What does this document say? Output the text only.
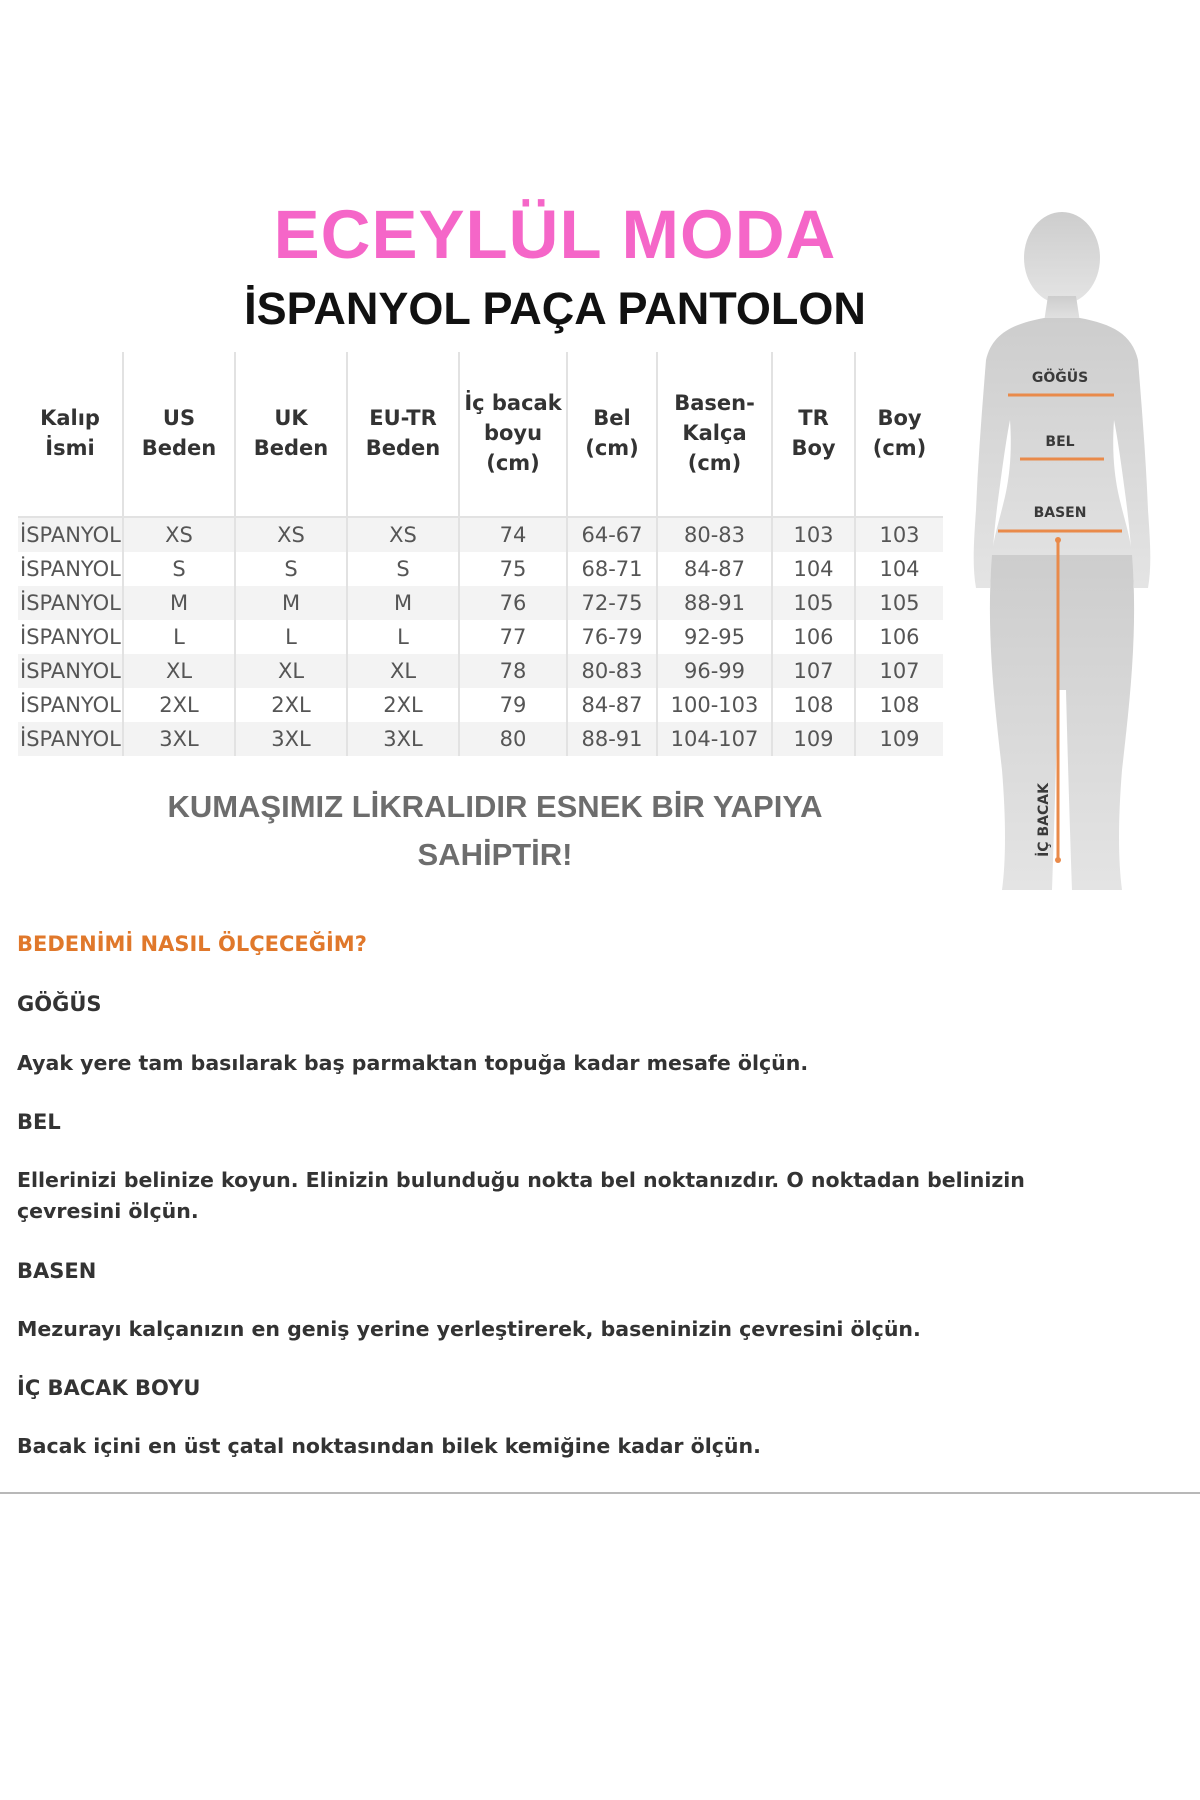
ECEYLÜL MODA
İSPANYOL PAÇA PANTOLON
Kalıp İsmi	US Beden	UK Beden	EU-TR Beden	İç bacak boyu (cm)	Bel (cm)	Basen-Kalça (cm)	TR Boy	Boy (cm)
İSPANYOL	XS	XS	XS	74	64-67	80-83	103	103
İSPANYOL	S	S	S	75	68-71	84-87	104	104
İSPANYOL	M	M	M	76	72-75	88-91	105	105
İSPANYOL	L	L	L	77	76-79	92-95	106	106
İSPANYOL	XL	XL	XL	78	80-83	96-99	107	107
İSPANYOL	2XL	2XL	2XL	79	84-87	100-103	108	108
İSPANYOL	3XL	3XL	3XL	80	88-91	104-107	109	109
KUMAŞIMIZ LİKRALIDIR ESNEK BİR YAPIYA
SAHİPTİR!
GÖĞÜS
BEL
BASEN
İÇ BACAK
BEDENİMİ NASIL ÖLÇECEĞİM?
GÖĞÜS
Ayak yere tam basılarak baş parmaktan topuğa kadar mesafe ölçün.
BEL
Ellerinizi belinize koyun. Elinizin bulunduğu nokta bel noktanızdır. O noktadan belinizin çevresini ölçün.
BASEN
Mezurayı kalçanızın en geniş yerine yerleştirerek, baseninizin çevresini ölçün.
İÇ BACAK BOYU
Bacak içini en üst çatal noktasından bilek kemiğine kadar ölçün.
